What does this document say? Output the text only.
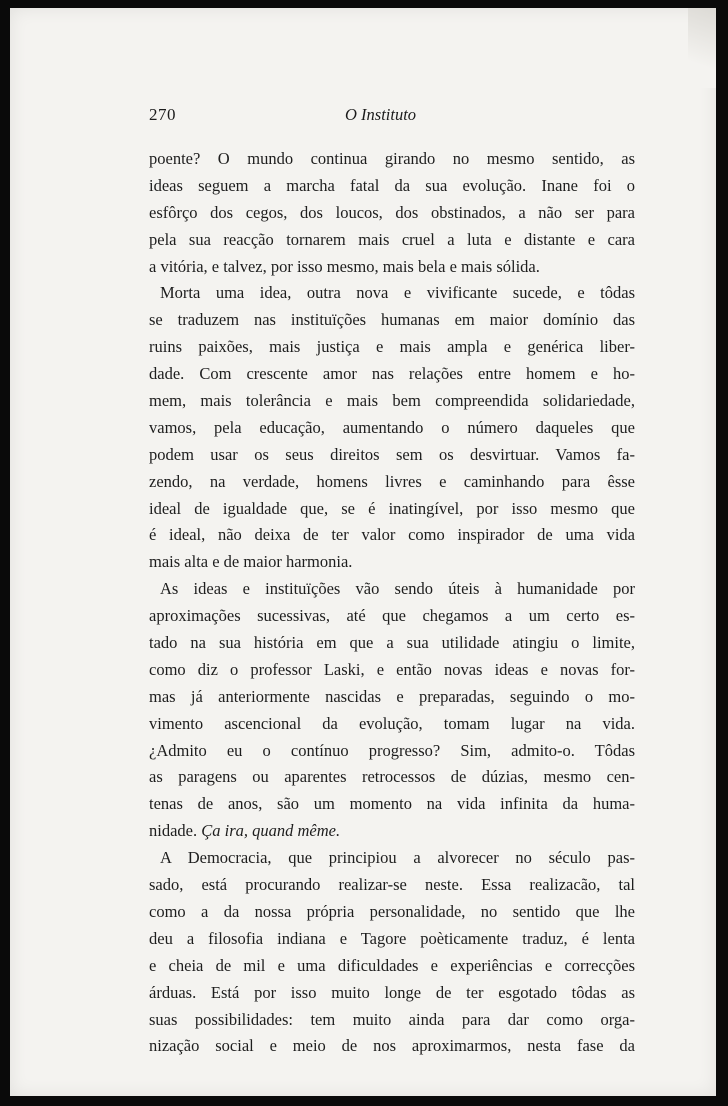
270	O Instituto
poente? O mundo continua girando no mesmo sentido, as
ideas seguem a marcha fatal da sua evolução. Inane foi o
esfôrço dos cegos, dos loucos, dos obstinados, a não ser para
pela sua reacção tornarem mais cruel a luta e distante e cara
a vitória, e talvez, por isso mesmo, mais bela e mais sólida.
Morta uma idea, outra nova e vivificante sucede, e tôdas
se traduzem nas instituïções humanas em maior domínio das
ruins paixões, mais justiça e mais ampla e genérica liber-
dade. Com crescente amor nas relações entre homem e ho-
mem, mais tolerância e mais bem compreendida solidariedade,
vamos, pela educação, aumentando o número daqueles que
podem usar os seus direitos sem os desvirtuar. Vamos fa-
zendo, na verdade, homens livres e caminhando para êsse
ideal de igualdade que, se é inatingível, por isso mesmo que
é ideal, não deixa de ter valor como inspirador de uma vida
mais alta e de maior harmonia.
As ideas e instituïções vão sendo úteis à humanidade por
aproximações sucessivas, até que chegamos a um certo es-
tado na sua história em que a sua utilidade atingiu o limite,
como diz o professor Laski, e então novas ideas e novas for-
mas já anteriormente nascidas e preparadas, seguindo o mo-
vimento ascencional da evolução, tomam lugar na vida.
¿Admito eu o contínuo progresso? Sim, admito-o. Tôdas
as paragens ou aparentes retrocessos de dúzias, mesmo cen-
tenas de anos, são um momento na vida infinita da huma-
nidade. Ça ira, quand même.
A Democracia, que principiou a alvorecer no século pas-
sado, está procurando realizar-se neste. Essa realizacão, tal
como a da nossa própria personalidade, no sentido que lhe
deu a filosofia indiana e Tagore poèticamente traduz, é lenta
e cheia de mil e uma dificuldades e experiências e correcções
árduas. Está por isso muito longe de ter esgotado tôdas as
suas possibilidades: tem muito ainda para dar como orga-
nização social e meio de nos aproximarmos, nesta fase da
